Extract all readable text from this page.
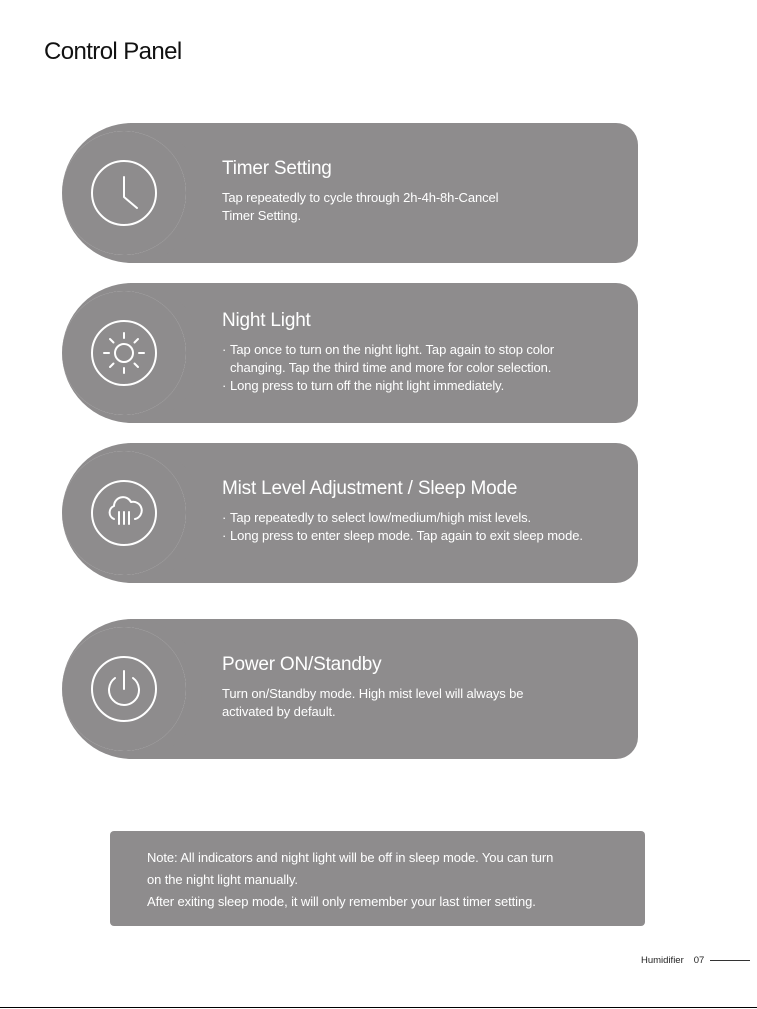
Control Panel
Timer Setting
Tap repeatedly to cycle through 2h-4h-8h-Cancel
Timer Setting.
Night Light
· Tap once to turn on the night light. Tap again to stop color
changing. Tap the third time and more for color selection.
· Long press to turn off the night light immediately.
Mist Level Adjustment / Sleep Mode
· Tap repeatedly to select low/medium/high mist levels.
· Long press to enter sleep mode. Tap again to exit sleep mode.
Power ON/Standby
Turn on/Standby mode. High mist level will always be
activated by default.
Note: All indicators and night light will be off in sleep mode. You can turn
on the night light manually.
After exiting sleep mode, it will only remember your last timer setting.
Humidifier 07
